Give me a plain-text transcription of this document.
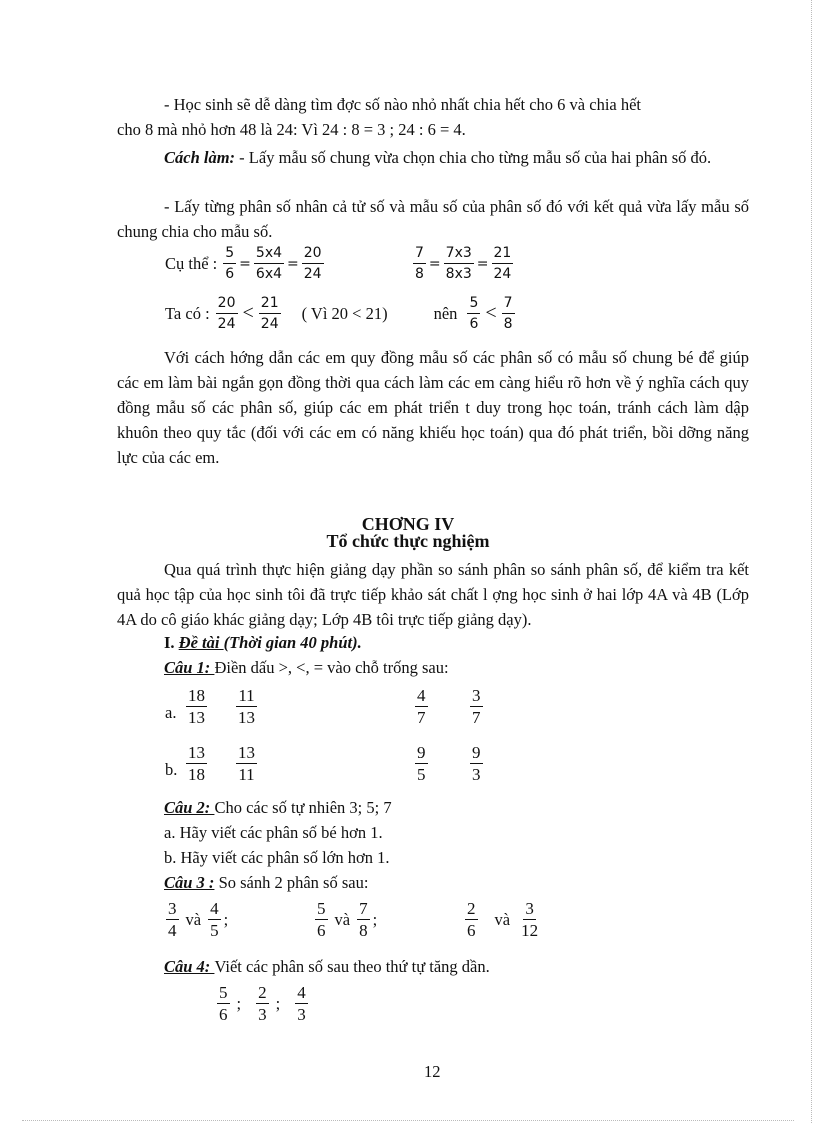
- Học sinh sẽ dễ dàng tìm đợc số nào nhỏ nhất chia hết cho 6 và chia hết
cho 8 mà nhỏ hơn 48 là 24: Vì 24 : 8 = 3 ; 24 : 6 = 4.
Cách làm: - Lấy mẫu số chung vừa chọn chia cho từng mẫu số của hai phân số đó.
- Lấy từng phân số nhân cả tử số và mẫu số của phân số đó với kết quả vừa lấy mẫu số chung chia cho mẫu số.
Cụ thể : $\frac{5}{6} = \frac{5x4}{6x4} = \frac{20}{24}$	$\frac{7}{8} = \frac{7x3}{8x3} = \frac{21}{24}$
Ta có : $\frac{20}{24} < \frac{21}{24}$ ( Vì 20 < 21)	nên $\frac{5}{6} < \frac{7}{8}$
Với cách hớng dẫn các em quy đồng mẫu số các phân số có mẫu số chung bé để giúp các em làm bài ngắn gọn đồng thời qua cách làm các em càng hiểu rõ hơn về ý nghĩa cách quy đồng mẫu số các phân số, giúp các em phát triển t duy trong học toán, tránh cách làm dập khuôn theo quy tắc (đối với các em có năng khiếu học toán) qua đó phát triển, bồi dỡng năng lực của các em.
CHƠNG IV
Tổ chức thực nghiệm
Qua quá trình thực hiện giảng dạy phần so sánh phân so sánh phân số, để kiểm tra kết quả học tập của học sinh tôi đã trực tiếp khảo sát chất l ợng học sinh ở hai lớp 4A và 4B (Lớp 4A do cô giáo khác giảng dạy; Lớp 4B tôi trực tiếp giảng dạy).
I. Đề tài (Thời gian 40 phút).
Câu 1: Điền dấu >, <, = vào chỗ trống sau:
a. $\frac{18}{13} \frac{11}{13}$	$\frac{4}{7}$	$\frac{3}{7}$
b. $\frac{13}{18} \frac{13}{11}$	$\frac{9}{5}$	$\frac{9}{3}$
Câu 2: Cho các số tự nhiên 3; 5; 7
a. Hãy viết các phân số bé hơn 1.
b. Hãy viết các phân số lớn hơn 1.
Câu 3 : So sánh 2 phân số sau:
$\frac{3}{4}$ và $\frac{4}{5}$ ;	$\frac{5}{6}$ và $\frac{7}{8}$ ;	$\frac{2}{6}$ và $\frac{3}{12}$
Câu 4: Viết các phân số sau theo thứ tự tăng dần.
$\frac{5}{6}$ ; $\frac{2}{3}$ ; $\frac{4}{3}$
12
